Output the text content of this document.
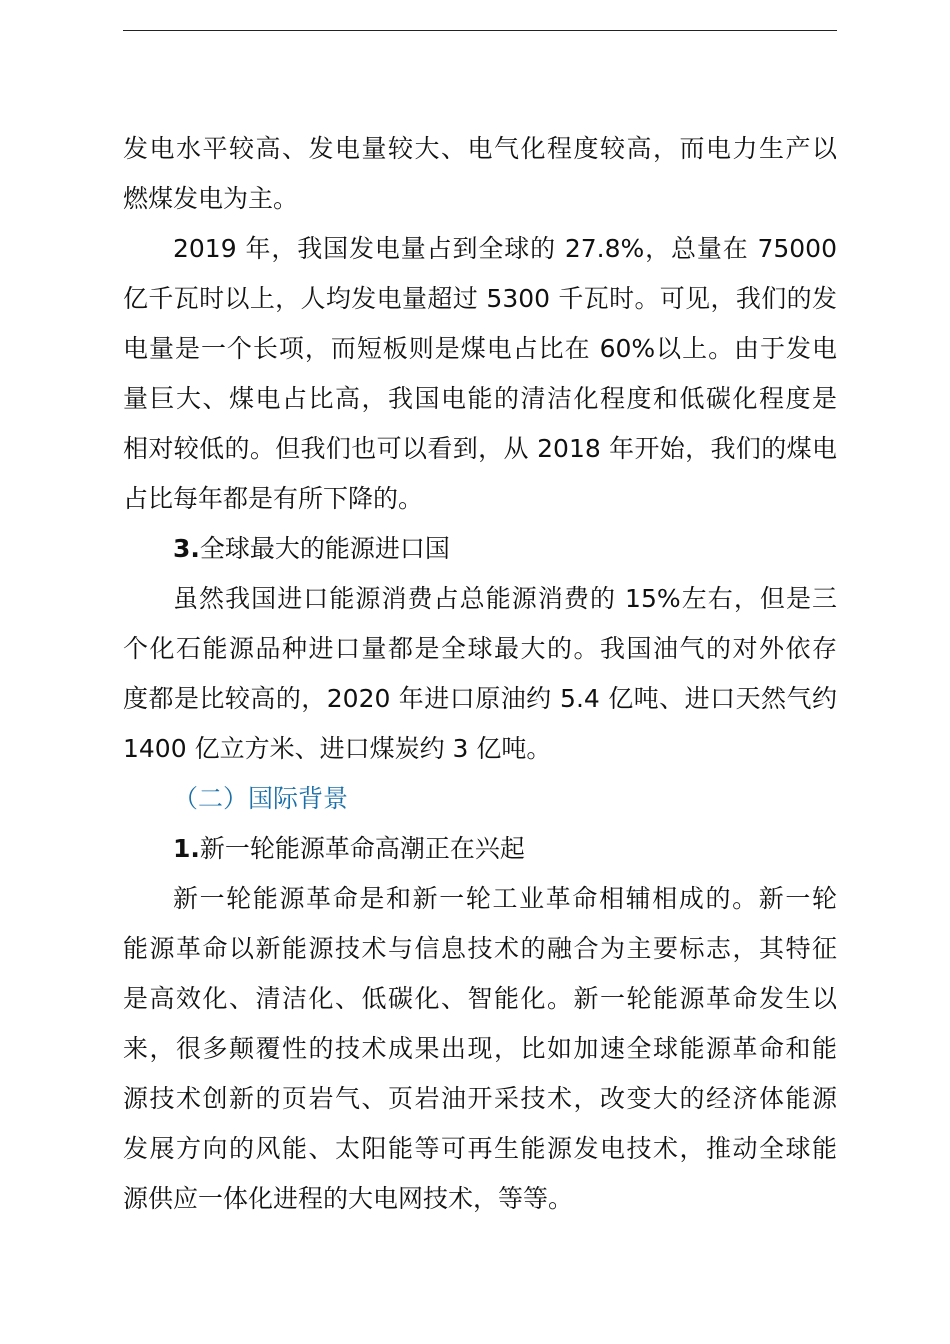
发电水平较高、发电量较大、电气化程度较高，而电力生产以
燃煤发电为主。
2019 年，我国发电量占到全球的 27.8%，总量在 75000
亿千瓦时以上，人均发电量超过 5300 千瓦时。可见，我们的发
电量是一个长项，而短板则是煤电占比在 60%以上。由于发电
量巨大、煤电占比高，我国电能的清洁化程度和低碳化程度是
相对较低的。但我们也可以看到，从 2018 年开始，我们的煤电
占比每年都是有所下降的。
3.全球最大的能源进口国
虽然我国进口能源消费占总能源消费的 15%左右，但是三
个化石能源品种进口量都是全球最大的。我国油气的对外依存
度都是比较高的，2020 年进口原油约 5.4 亿吨、进口天然气约
1400 亿立方米、进口煤炭约 3 亿吨。
（二）国际背景
1.新一轮能源革命高潮正在兴起
新一轮能源革命是和新一轮工业革命相辅相成的。新一轮
能源革命以新能源技术与信息技术的融合为主要标志，其特征
是高效化、清洁化、低碳化、智能化。新一轮能源革命发生以
来，很多颠覆性的技术成果出现，比如加速全球能源革命和能
源技术创新的页岩气、页岩油开采技术，改变大的经济体能源
发展方向的风能、太阳能等可再生能源发电技术，推动全球能
源供应一体化进程的大电网技术，等等。
